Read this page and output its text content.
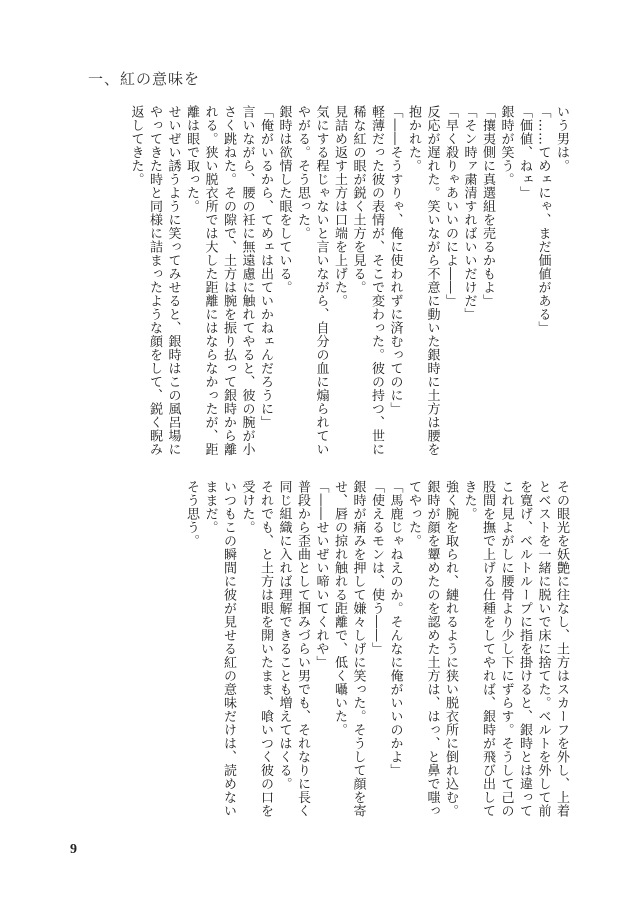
一、紅の意味を

いう男は。
「……てめェにゃ、まだ価値がある」
「価値、ねェ」
銀時が笑う。
「攘夷側に真選組を売るかもよ」
「そン時ァ粛清すればいいだけだ」
「早く殺りゃあいいのによ――」
反応が遅れた。笑いながら不意に動いた銀時に土方は腰を抱かれた。
「――そうすりゃ、俺に使われずに済むってのに」
軽薄だった彼の表情が、そこで変わった。彼の持つ、世に稀な紅の眼が鋭く土方を見る。
見詰め返す土方は口端を上げた。
気にする程じゃないと言いながら、自分の血に煽られていやがる。そう思った。
銀時は欲情した眼をしている。
「俺がいるから、てめェは出ていかねェんだろうに」
言いながら、腰の衽に無遠慮に触れてやると、彼の腕が小さく跳ねた。その隙で、土方は腕を振り払って銀時から離れる。狭い脱衣所では大した距離にはならなかったが、距離は眼で取った。
せいぜい誘うように笑ってみせると、銀時はこの風呂場にやってきた時と同様に詰まったような顔をして、鋭く睨み返してきた。

その眼光を妖艶に往なし、土方はスカーフを外し、上着とベストを一緒に脱いで床に捨てた。ベルトを外して前を寛げ、ベルトループに指を掛けると、銀時とは違ってこれ見よがしに腰骨より少し下にずらす。そうして己の股間を撫で上げる仕種をしてやれば、銀時が飛び出してきた。
強く腕を取られ、縺れるように狭い脱衣所に倒れ込む。銀時が顔を顰めたのを認めた土方は、はっ、と鼻で嗤ってやった。
「馬鹿じゃねえのか。そんなに俺がいいのかよ」
「使えるモンは、使う――」
銀時が痛みを押して嫌々しげに笑った。そうして顔を寄せ、唇の掠れ触れる距離で、低く囁いた。
「――せいぜい啼いてくれや」
普段から歪曲として掴みづらい男でも、それなりに長く同じ組織に入れば理解できることも増えてはくる。
それでも、と土方は眼を開いたまま、喰いつく彼の口を受けた。
いつもこの瞬間に彼が見せる紅の意味だけは、読めないままだ。
そう思う。

9
